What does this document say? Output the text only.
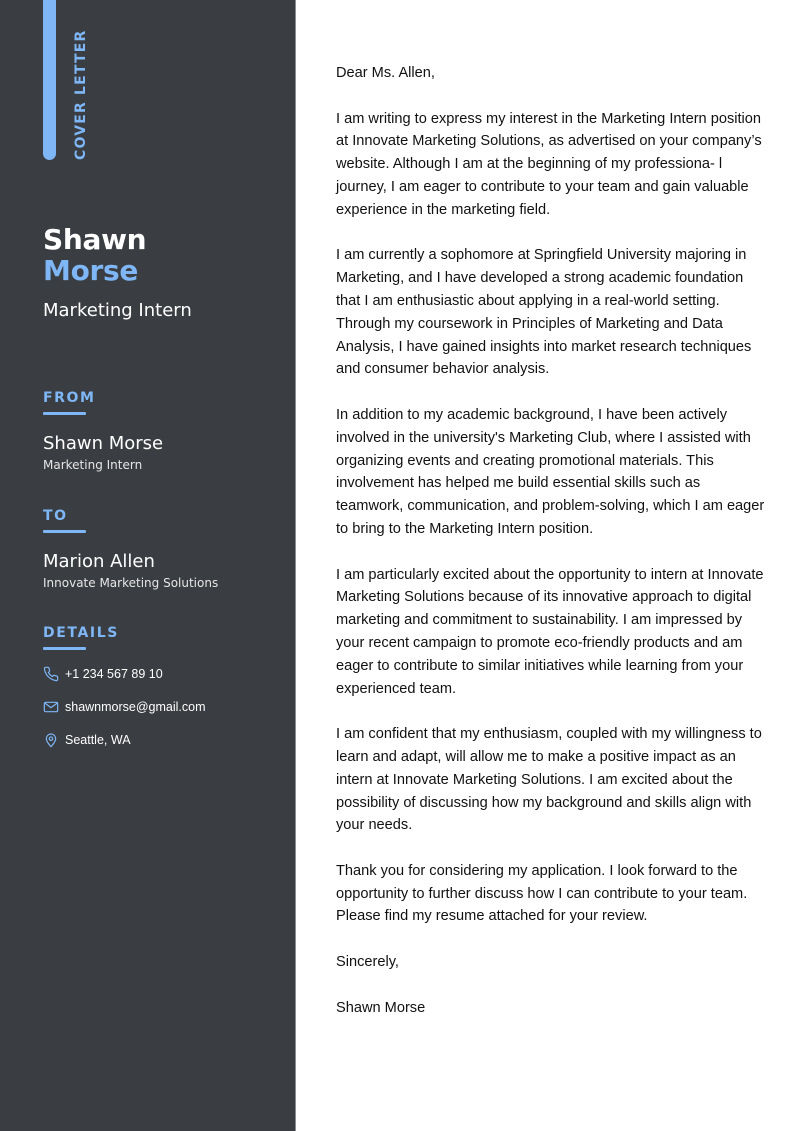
COVER LETTER
Shawn
Morse
Marketing Intern
FROM
Shawn Morse
Marketing Intern
TO
Marion Allen
Innovate Marketing Solutions
DETAILS
+1 234 567 89 10
shawnmorse@gmail.com
Seattle, WA

Dear Ms. Allen,

I am writing to express my interest in the Marketing Intern position at Innovate Marketing Solutions, as advertised on your company’s website. Although I am at the beginning of my professiona- l journey, I am eager to contribute to your team and gain valuable experience in the marketing field.

I am currently a sophomore at Springfield University majoring in Marketing, and I have developed a strong academic foundation that I am enthusiastic about applying in a real-world setting. Through my coursework in Principles of Marketing and Data Analysis, I have gained insights into market research techniques and consumer behavior analysis.

In addition to my academic background, I have been actively involved in the university's Marketing Club, where I assisted with organizing events and creating promotional materials. This involvement has helped me build essential skills such as teamwork, communication, and problem-solving, which I am eager to bring to the Marketing Intern position.

I am particularly excited about the opportunity to intern at Innovate Marketing Solutions because of its innovative approach to digital marketing and commitment to sustainability. I am impressed by your recent campaign to promote eco-friendly products and am eager to contribute to similar initiatives while learning from your experienced team.

I am confident that my enthusiasm, coupled with my willingness to learn and adapt, will allow me to make a positive impact as an intern at Innovate Marketing Solutions. I am excited about the possibility of discussing how my background and skills align with your needs.

Thank you for considering my application. I look forward to the opportunity to further discuss how I can contribute to your team. Please find my resume attached for your review.

Sincerely,

Shawn Morse
